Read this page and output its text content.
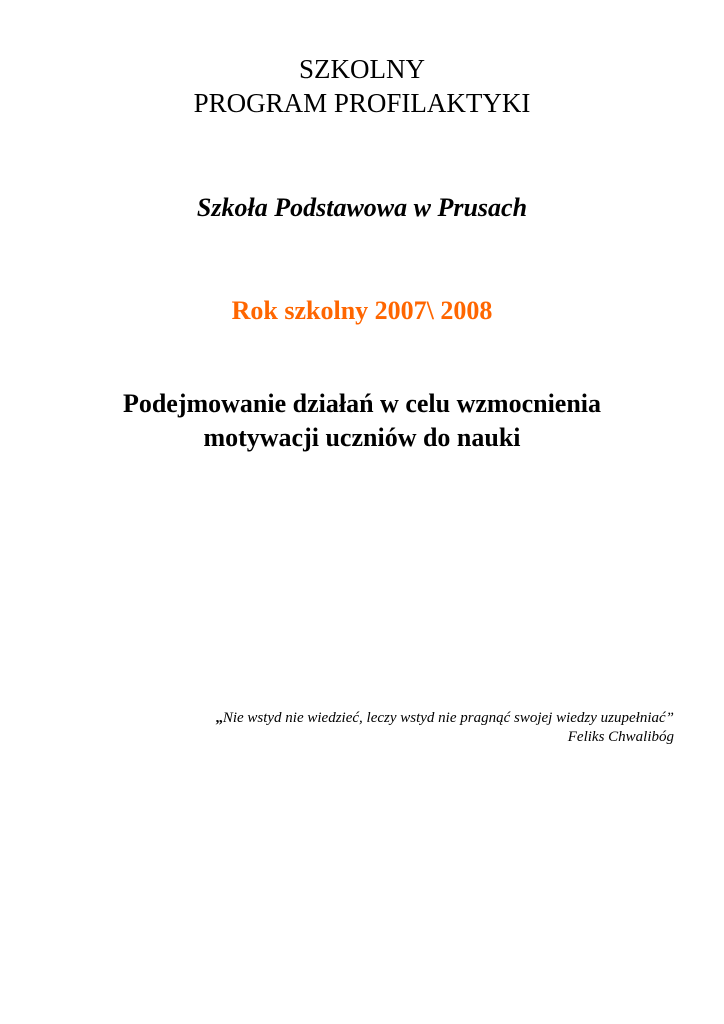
SZKOLNY
PROGRAM PROFILAKTYKI
Szkoła Podstawowa w Prusach
Rok szkolny 2007\ 2008
Podejmowanie działań w celu wzmocnienia
motywacji uczniów do nauki
„Nie wstyd nie wiedzieć, leczy wstyd nie pragnąć swojej wiedzy uzupełniać”
Feliks Chwalibóg
